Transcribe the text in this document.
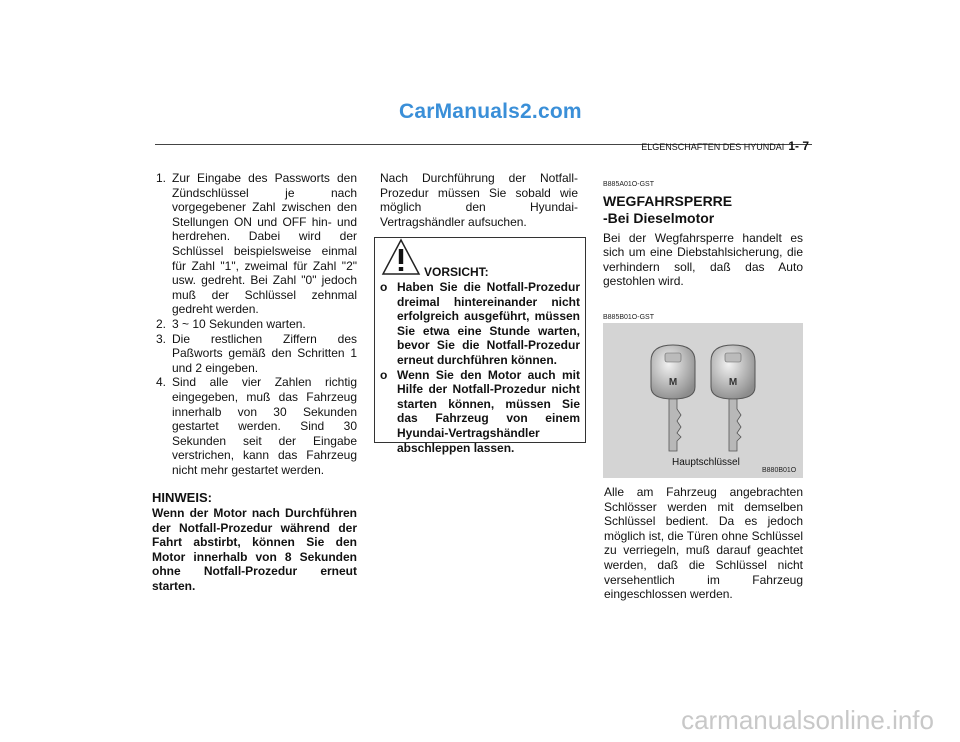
CarManuals2.com
ELGENSCHAFTEN DES HYUNDAI 1- 7
1. Zur Eingabe des Passworts den Zündschlüssel je nach vorgegebener Zahl zwischen den Stellungen ON und OFF hin- und herdrehen. Dabei wird der Schlüssel beispielsweise einmal für Zahl "1", zweimal für Zahl "2" usw. gedreht. Bei Zahl "0" jedoch muß der Schlüssel zehnmal gedreht werden.
2. 3 ~ 10 Sekunden warten.
3. Die restlichen Ziffern des Paßworts gemäß den Schritten 1 und 2 eingeben.
4. Sind alle vier Zahlen richtig eingegeben, muß das Fahrzeug innerhalb von 30 Sekunden gestartet werden. Sind 30 Sekunden seit der Eingabe verstrichen, kann das Fahrzeug nicht mehr gestartet werden.
HINWEIS:
Wenn der Motor nach Durchführen der Notfall-Prozedur während der Fahrt abstirbt, können Sie den Motor innerhalb von 8 Sekunden ohne Notfall-Prozedur erneut starten.
Nach Durchführung der Notfall-Prozedur müssen Sie sobald wie möglich den Hyundai-Vertragshändler aufsuchen.
VORSICHT:
o Haben Sie die Notfall-Prozedur dreimal hintereinander nicht erfolgreich ausgeführt, müssen Sie etwa eine Stunde warten, bevor Sie die Notfall-Prozedur erneut durchführen können.
o Wenn Sie den Motor auch mit Hilfe der Notfall-Prozedur nicht starten können, müssen Sie das Fahrzeug von einem Hyundai-Vertragshändler abschleppen lassen.
B885A01O-GST
WEGFAHRSPERRE
-Bei Dieselmotor
Bei der Wegfahrsperre handelt es sich um eine Diebstahlsicherung, die verhindern soll, daß das Auto gestohlen wird.
B885B01O-GST
M	M
Hauptschlüssel
B880B01O
Alle am Fahrzeug angebrachten Schlösser werden mit demselben Schlüssel bedient. Da es jedoch möglich ist, die Türen ohne Schlüssel zu verriegeln, muß darauf geachtet werden, daß die Schlüssel nicht versehentlich im Fahrzeug eingeschlossen werden.
carmanualsonline.info
